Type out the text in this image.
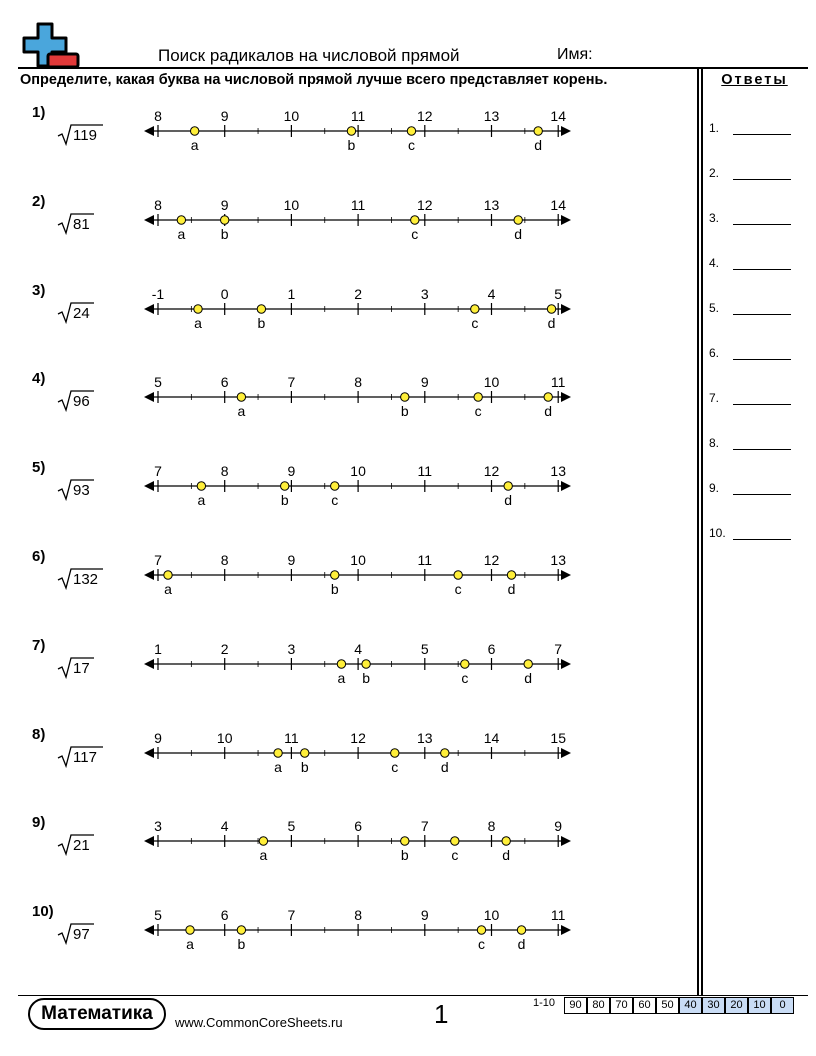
Поиск радикалов на числовой прямой	Имя:
Определите, какая буква на числовой прямой лучше всего представляет корень.	Ответы
1.
2.
3.
4.
5.
6.
7.
8.
9.
10.
1)
119
8	9	10	11	12	13	14
a	b	c	d
2)
81
8	9	10	11	12	13	14
a	b	c	d
3)
24
-1	0	1	2	3	4	5
a	b	c	d
4)
96
5	6	7	8	9	10	11
a	b	c	d
5)
93
7	8	9	10	11	12	13
a	b	c	d
6)
132
7	8	9	10	11	12	13
a	b	c	d
7)
17
1	2	3	4	5	6	7
a b	c	d
8)
117
9	10	11	12	13	14	15
a b	c	d
9)
21
3	4	5	6	7	8	9
a	b	c	d
10)
97
5	6	7	8	9	10	11
a	b	c d
Математика	www.CommonCoreSheets.ru	1	1-10	90 80 70 60 50 40 30 20 10	0
